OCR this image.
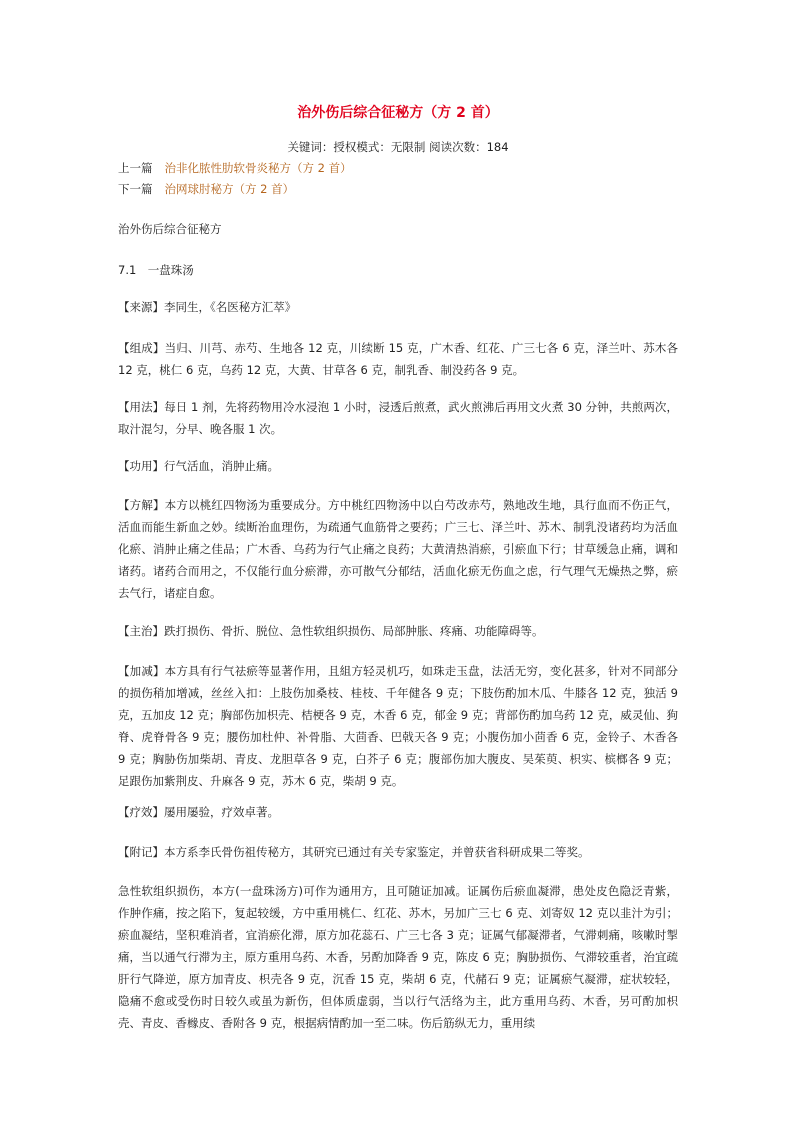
治外伤后综合征秘方（方 2 首）
关键词：授权模式：无限制 阅读次数：184
上一篇 治非化脓性肋软骨炎秘方（方 2 首）
下一篇 治网球肘秘方（方 2 首）

治外伤后综合征秘方

7.1　一盘珠汤

【来源】李同生，《名医秘方汇萃》

【组成】当归、川芎、赤芍、生地各 12 克，川续断 15 克，广木香、红花、广三七各 6 克，泽兰叶、苏木各 12 克，桃仁 6 克，乌药 12 克，大黄、甘草各 6 克，制乳香、制没药各 9 克。

【用法】每日 1 剂，先将药物用冷水浸泡 1 小时，浸透后煎煮，武火煎沸后再用文火煮 30 分钟，共煎两次，取汁混匀，分早、晚各服 1 次。

【功用】行气活血，消肿止痛。

【方解】本方以桃红四物汤为重要成分。方中桃红四物汤中以白芍改赤芍，熟地改生地，具行血而不伤正气，活血而能生新血之妙。续断治血理伤，为疏通气血筋骨之要药；广三七、泽兰叶、苏木、制乳没诸药均为活血化瘀、消肿止痛之佳品；广木香、乌药为行气止痛之良药；大黄清热消瘀，引瘀血下行；甘草缓急止痛，调和诸药。诸药合而用之，不仅能行血分瘀滞，亦可散气分郁结，活血化瘀无伤血之虑，行气理气无燥热之弊，瘀去气行，诸症自愈。

【主治】跌打损伤、骨折、脱位、急性软组织损伤、局部肿胀、疼痛、功能障碍等。

【加减】本方具有行气祛瘀等显著作用，且組方轻灵机巧，如珠走玉盘，法活无穷，变化甚多，针对不同部分的损伤稍加增减，丝丝入扣：上肢伤加桑枝、桂枝、千年健各 9 克；下肢伤酌加木瓜、牛膝各 12 克，独活 9 克，五加皮 12 克；胸部伤加枳壳、桔梗各 9 克，木香 6 克，郁金 9 克；背部伤酌加乌药 12 克，威灵仙、狗脊、虎脊骨各 9 克；腰伤加杜仲、补骨脂、大茴香、巴戟天各 9 克；小腹伤加小茴香 6 克，金铃子、木香各 9 克；胸胁伤加柴胡、青皮、龙胆草各 9 克，白芥子 6 克；腹部伤加大腹皮、吴茱萸、枳实、槟榔各 9 克；足跟伤加紫荆皮、升麻各 9 克，苏木 6 克，柴胡 9 克。

【疗效】屡用屡验，疗效卓著。

【附记】本方系李氏骨伤祖传秘方，其研究已通过有关专家鉴定，并曾获省科研成果二等奖。

急性软组织损伤，本方(一盘珠汤方)可作为通用方，且可随证加减。证属伤后瘀血凝滞，患处皮色隐泛青紫，作肿作痛，按之陷下，复起较缓，方中重用桃仁、红花、苏木，另加广三七 6 克、刘寄奴 12 克以韭汁为引；瘀血凝结，坚积难消者，宜消瘀化滞，原方加花蕊石、广三七各 3 克；证属气郁凝滞者，气滞刺痛，咳嗽时掣痛，当以通气行滞为主，原方重用乌药、木香，另酌加降香 9 克，陈皮 6 克；胸胁损伤、气滞较重者，治宜疏肝行气降逆，原方加青皮、枳壳各 9 克，沉香 15 克，柴胡 6 克，代赭石 9 克；证属瘀气凝滞，症状较轻，隐痛不愈或受伤时日较久或虽为新伤，但体质虚弱，当以行气活络为主，此方重用乌药、木香，另可酌加枳壳、青皮、香橼皮、香附各 9 克，根据病情酌加一至二味。伤后筋纵无力，重用续
